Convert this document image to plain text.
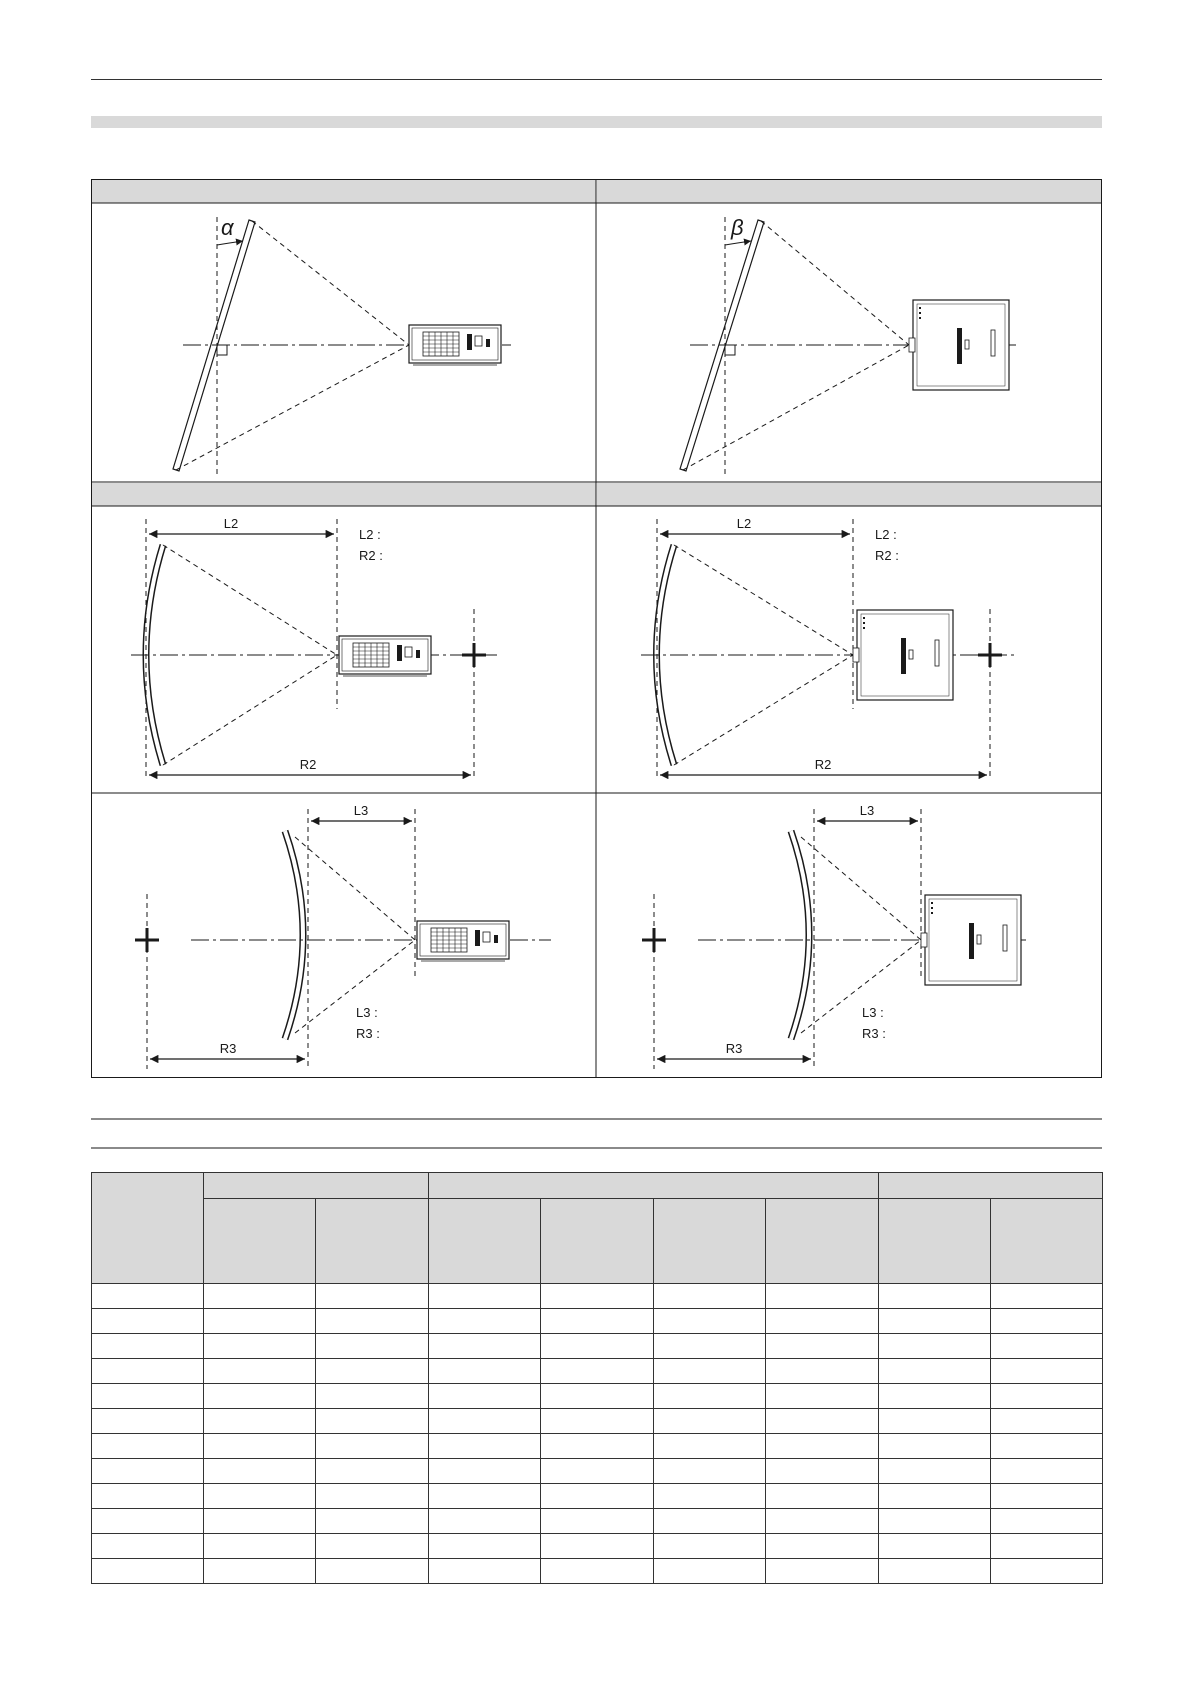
α	β
L2
L2 :
R2 :
R2
L2
L2 :
R2 :
R2
L3
L3 :
R3 :
R3
L3
L3 :
R3 :
R3
